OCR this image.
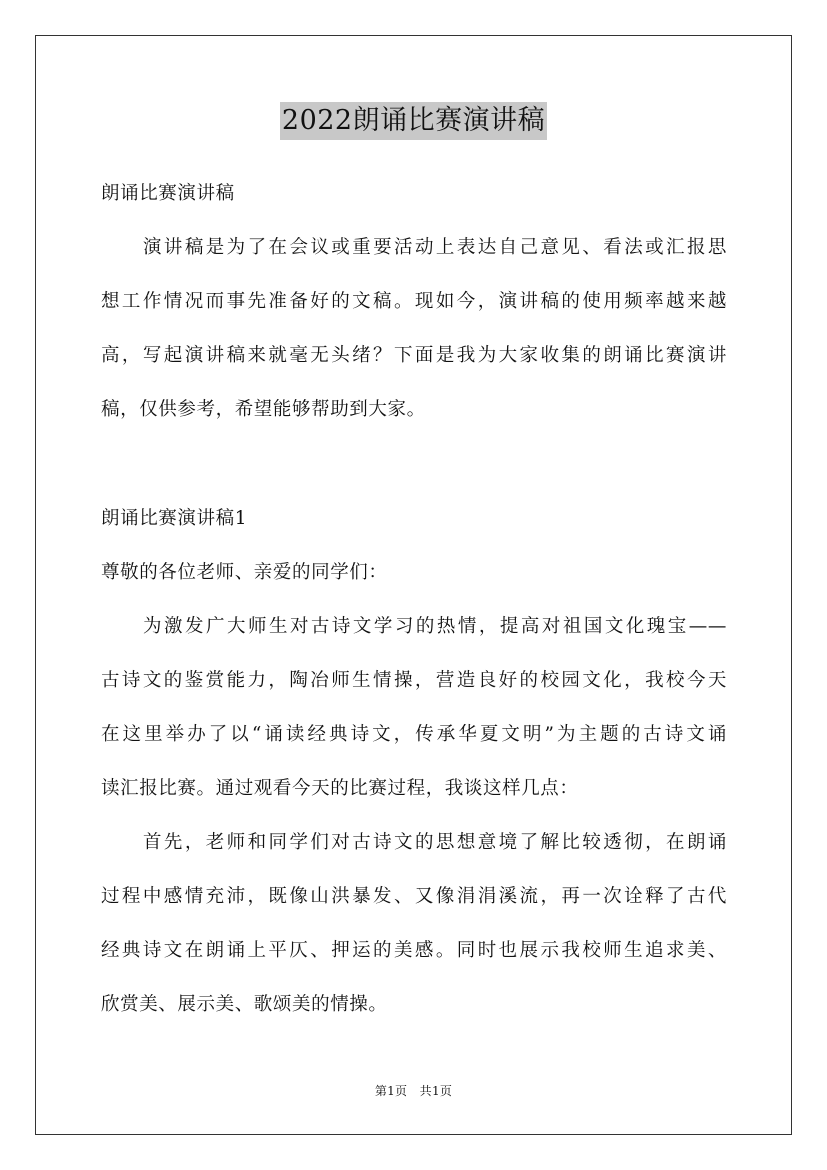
2022朗诵比赛演讲稿
朗诵比赛演讲稿
演讲稿是为了在会议或重要活动上表达自己意见、看法或汇报思
想工作情况而事先准备好的文稿。现如今，演讲稿的使用频率越来越
高，写起演讲稿来就毫无头绪？下面是我为大家收集的朗诵比赛演讲
稿，仅供参考，希望能够帮助到大家。
朗诵比赛演讲稿1
尊敬的各位老师、亲爱的同学们：
为激发广大师生对古诗文学习的热情，提高对祖国文化瑰宝——
古诗文的鉴赏能力，陶冶师生情操，营造良好的校园文化，我校今天
在这里举办了以“诵读经典诗文，传承华夏文明”为主题的古诗文诵
读汇报比赛。通过观看今天的比赛过程，我谈这样几点：
首先，老师和同学们对古诗文的思想意境了解比较透彻，在朗诵
过程中感情充沛，既像山洪暴发、又像涓涓溪流，再一次诠释了古代
经典诗文在朗诵上平仄、押运的美感。同时也展示我校师生追求美、
欣赏美、展示美、歌颂美的情操。
第1页　共1页
